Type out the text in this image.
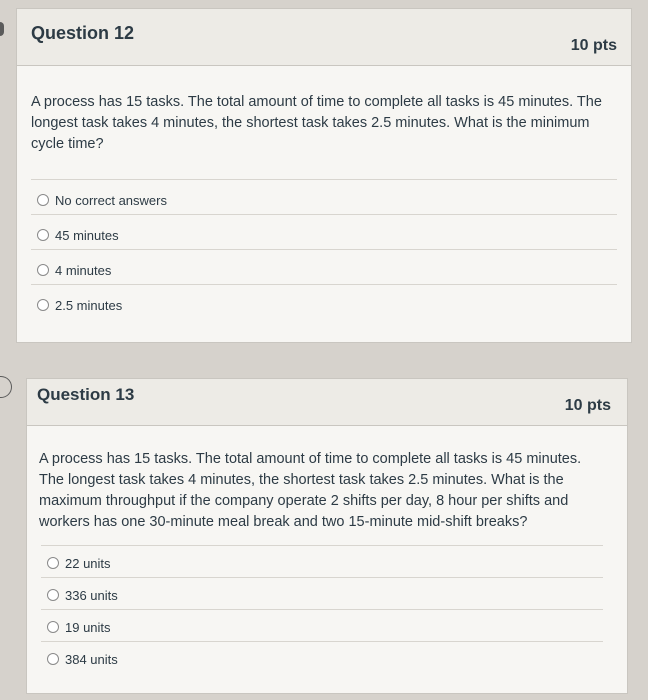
Question 12
10 pts
A process has 15 tasks. The total amount of time to complete all tasks is 45 minutes. The longest task takes 4 minutes, the shortest task takes 2.5 minutes. What is the minimum cycle time?
No correct answers
45 minutes
4 minutes
2.5 minutes
Question 13
10 pts
A process has 15 tasks. The total amount of time to complete all tasks is 45 minutes. The longest task takes 4 minutes, the shortest task takes 2.5 minutes. What is the maximum throughput if the company operate 2 shifts per day, 8 hour per shifts and workers has one 30-minute meal break and two 15-minute mid-shift breaks?
22 units
336 units
19 units
384 units
